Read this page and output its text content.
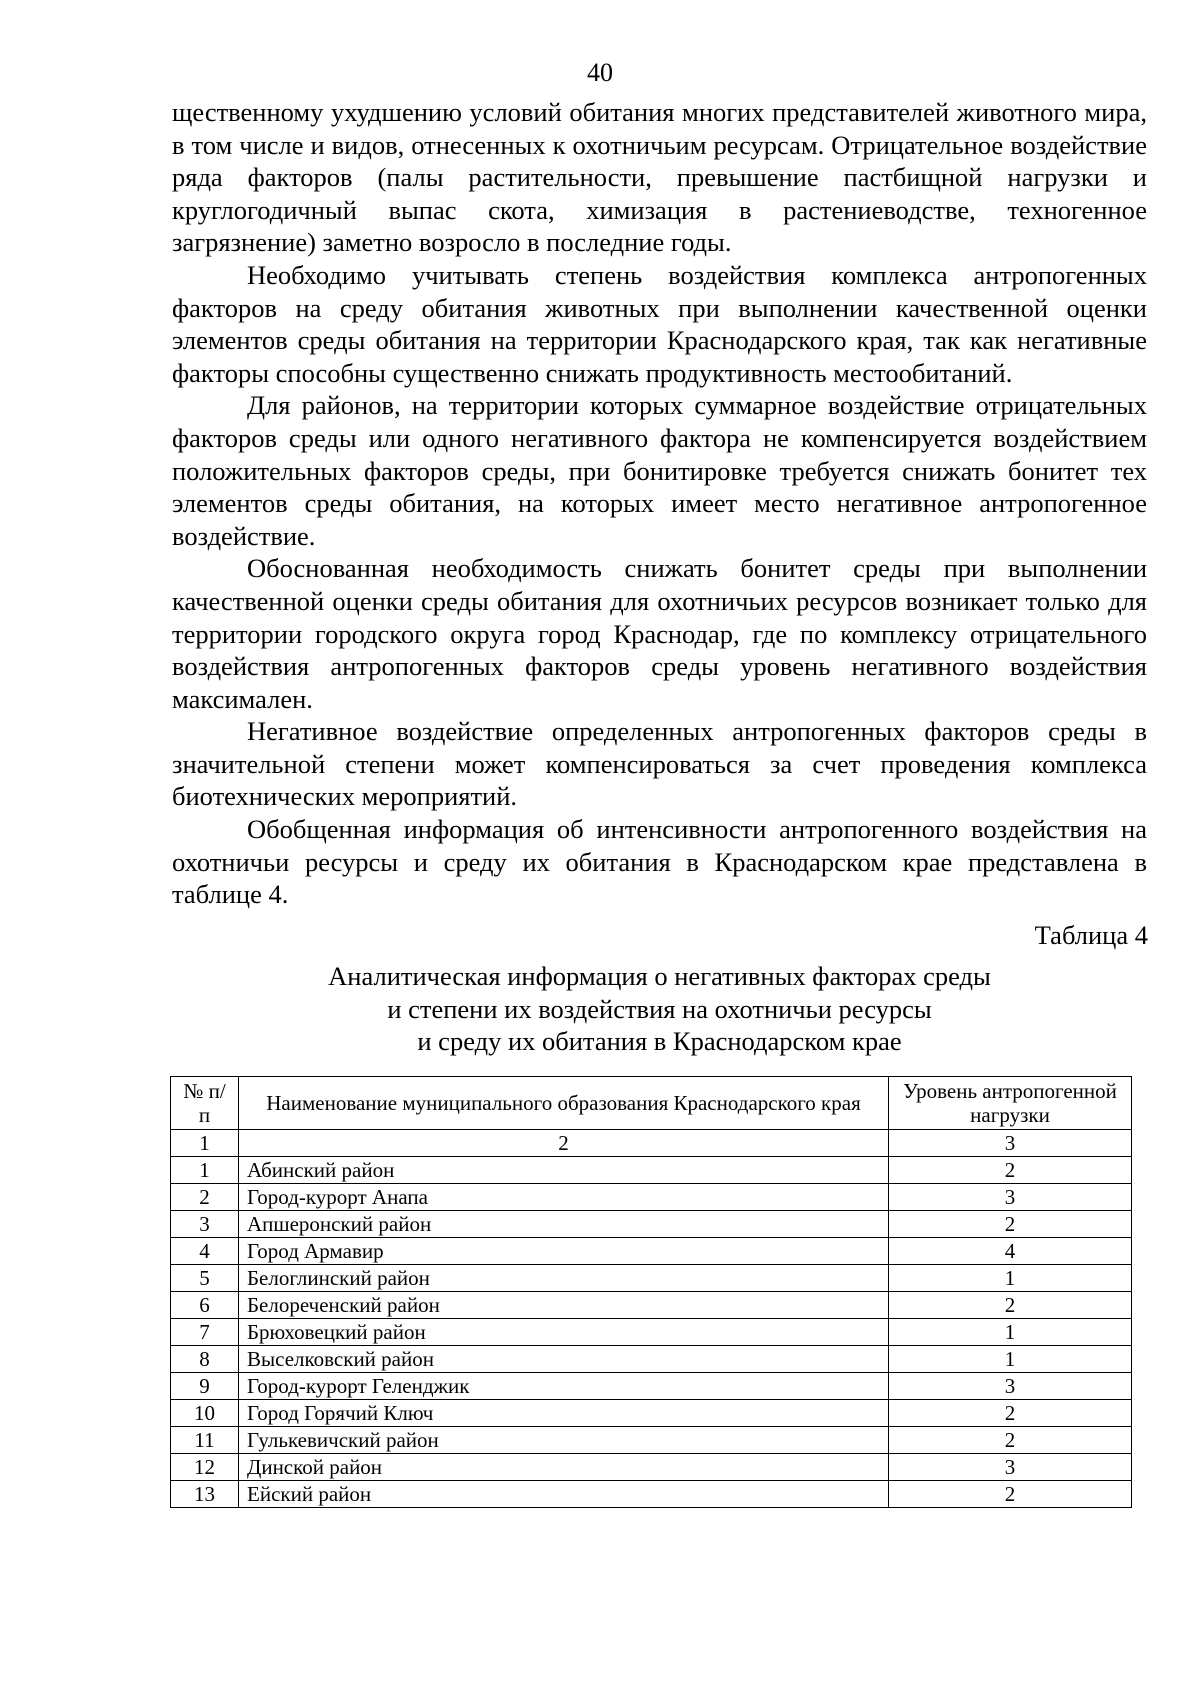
40

щественному ухудшению условий обитания многих представителей животного мира, в том числе и видов, отнесенных к охотничьим ресурсам. Отрицательное воздействие ряда факторов (палы растительности, превышение пастбищной нагрузки и круглогодичный выпас скота, химизация в растениеводстве, техногенное загрязнение) заметно возросло в последние годы.

Необходимо учитывать степень воздействия комплекса антропогенных факторов на среду обитания животных при выполнении качественной оценки элементов среды обитания на территории Краснодарского края, так как негативные факторы способны существенно снижать продуктивность местообитаний.

Для районов, на территории которых суммарное воздействие отрицательных факторов среды или одного негативного фактора не компенсируется воздействием положительных факторов среды, при бонитировке требуется снижать бонитет тех элементов среды обитания, на которых имеет место негативное антропогенное воздействие.

Обоснованная необходимость снижать бонитет среды при выполнении качественной оценки среды обитания для охотничьих ресурсов возникает только для территории городского округа город Краснодар, где по комплексу отрицательного воздействия антропогенных факторов среды уровень негативного воздействия максимален.

Негативное воздействие определенных антропогенных факторов среды в значительной степени может компенсироваться за счет проведения комплекса биотехнических мероприятий.

Обобщенная информация об интенсивности антропогенного воздействия на охотничьи ресурсы и среду их обитания в Краснодарском крае представлена в таблице 4.

Таблица 4
Аналитическая информация о негативных факторах среды
и степени их воздействия на охотничьи ресурсы
и среду их обитания в Краснодарском крае
№ п/п	Наименование муниципального образования Краснодарского края	Уровень антропогенной нагрузки
1	2	3
1	Абинский район	2
2	Город-курорт Анапа	3
3	Апшеронский район	2
4	Город Армавир	4
5	Белоглинский район	1
6	Белореченский район	2
7	Брюховецкий район	1
8	Выселковский район	1
9	Город-курорт Геленджик	3
10	Город Горячий Ключ	2
11	Гулькевичский район	2
12	Динской район	3
13	Ейский район	2
